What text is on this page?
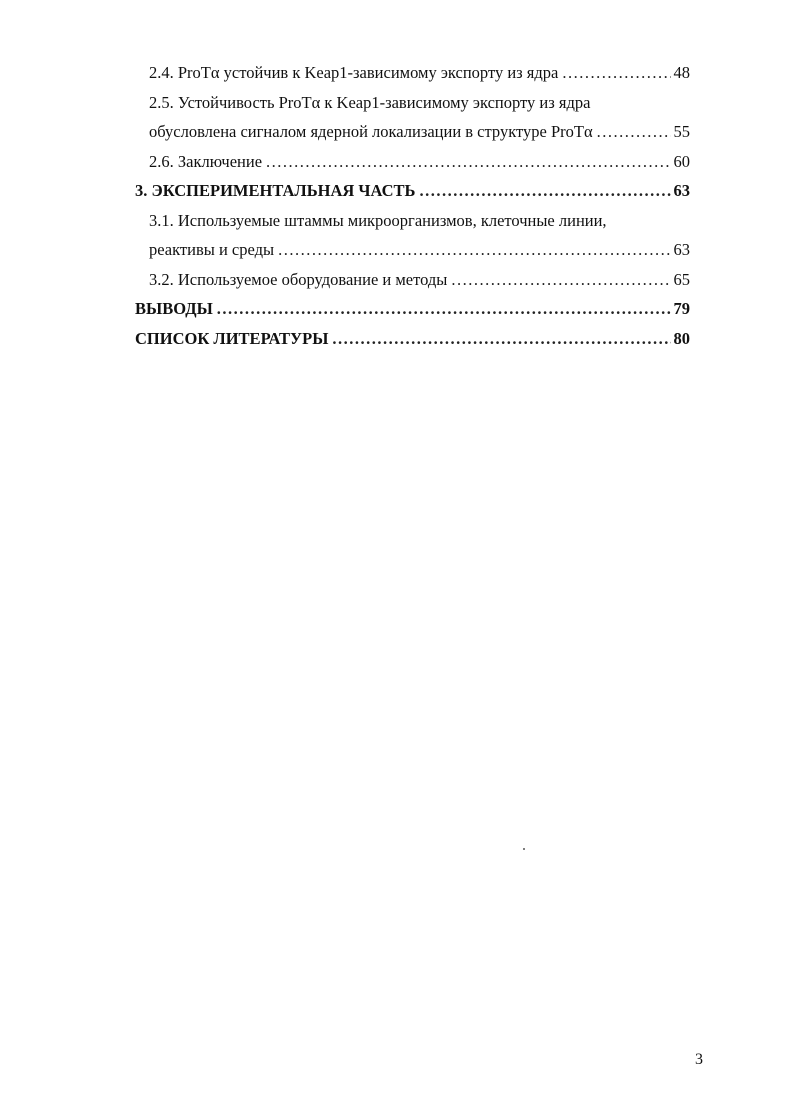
2.4. ProTα устойчив к Keap1-зависимому экспорту из ядра .....	48
2.5. Устойчивость ProTα к Keap1-зависимому экспорту из ядра
обусловлена сигналом ядерной локализации в структуре ProTα .....	55
2.6. Заключение .....	60
3. ЭКСПЕРИМЕНТАЛЬНАЯ ЧАСТЬ .....	63
3.1. Используемые штаммы микроорганизмов, клеточные линии,
реактивы и среды .....	63
3.2. Используемое оборудование и методы .....	65
ВЫВОДЫ .....	79
СПИСОК ЛИТЕРАТУРЫ .....	80
3
